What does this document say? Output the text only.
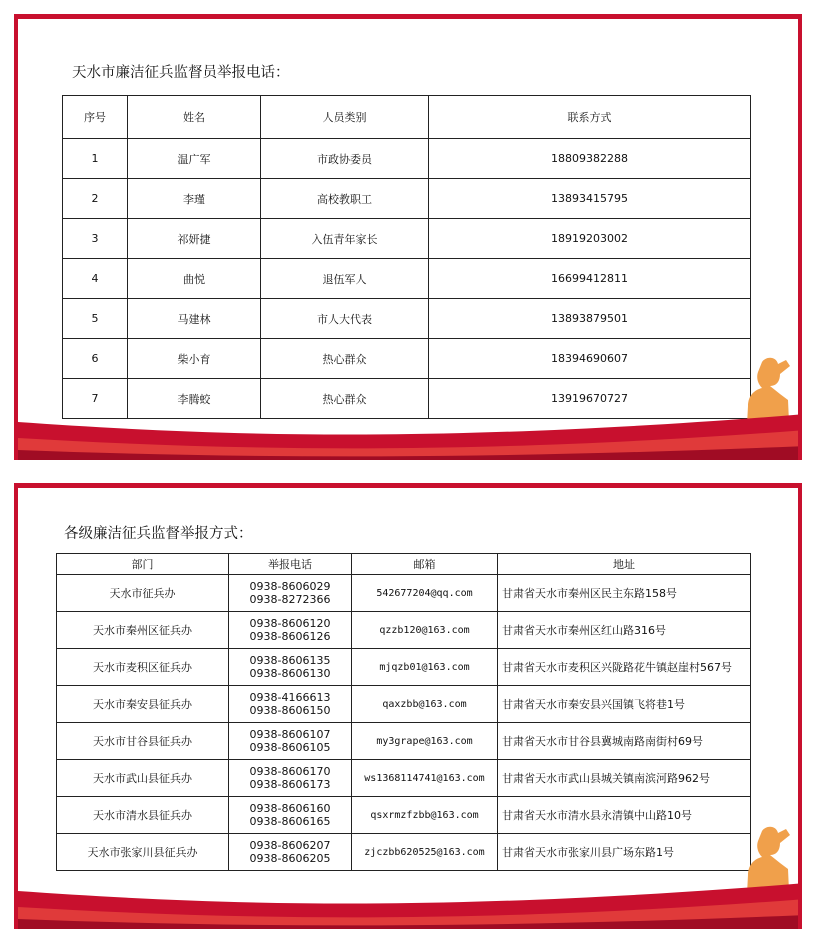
天水市廉洁征兵监督员举报电话：
序号	姓名	人员类别	联系方式
1	温广军	市政协委员	18809382288
2	李瑾	高校教职工	13893415795
3	祁妍捷	入伍青年家长	18919203002
4	曲悦	退伍军人	16699412811
5	马建林	市人大代表	13893879501
6	柴小育	热心群众	18394690607
7	李腾蛟	热心群众	13919670727
各级廉洁征兵监督举报方式：
部门	举报电话	邮箱	地址
天水市征兵办	0938-8606029
0938-8272366	542677204@qq.com	甘肃省天水市秦州区民主东路158号
天水市秦州区征兵办	0938-8606120
0938-8606126	qzzb120@163.com	甘肃省天水市秦州区红山路316号
天水市麦积区征兵办	0938-8606135
0938-8606130	mjqzb01@163.com	甘肃省天水市麦积区兴陇路花牛镇赵崖村567号
天水市秦安县征兵办	0938-4166613
0938-8606150	qaxzbb@163.com	甘肃省天水市秦安县兴国镇飞将巷1号
天水市甘谷县征兵办	0938-8606107
0938-8606105	my3grape@163.com	甘肃省天水市甘谷县冀城南路南街村69号
天水市武山县征兵办	0938-8606170
0938-8606173	ws1368114741@163.com	甘肃省天水市武山县城关镇南滨河路962号
天水市清水县征兵办	0938-8606160
0938-8606165	qsxrmzfzbb@163.com	甘肃省天水市清水县永清镇中山路10号
天水市张家川县征兵办	0938-8606207
0938-8606205	zjczbb620525@163.com	甘肃省天水市张家川县广场东路1号
